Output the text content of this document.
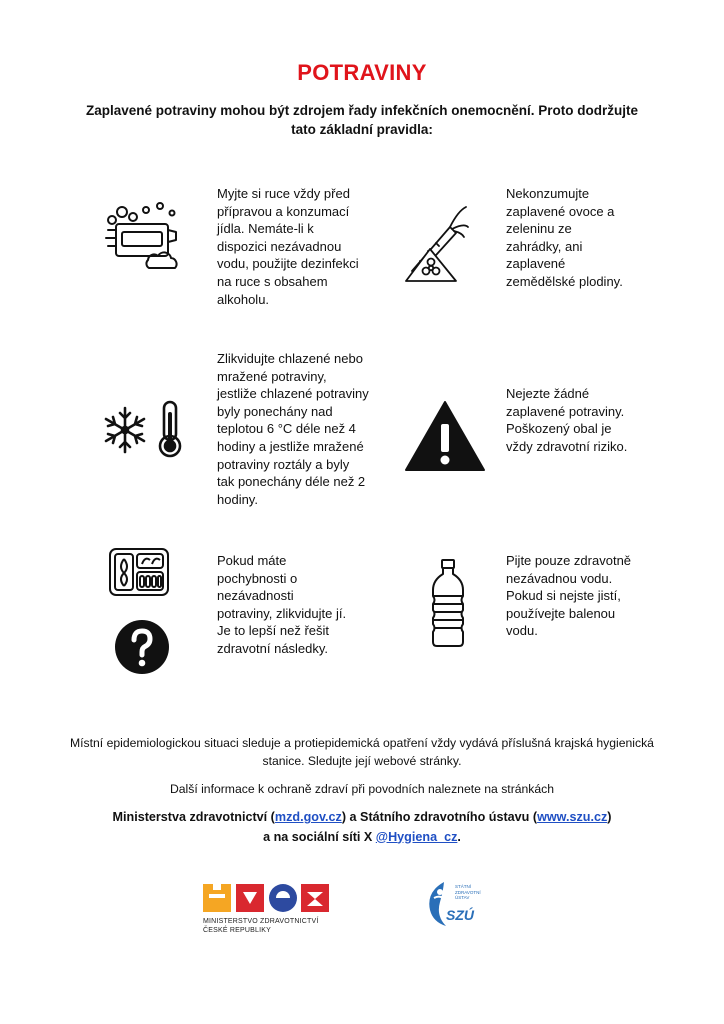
POTRAVINY
Zaplavené potraviny mohou být zdrojem řady infekčních onemocnění. Proto dodržujte tato základní pravidla:
Myjte si ruce vždy před přípravou a konzumací jídla. Nemáte-li k dispozici nezávadnou vodu, použijte dezinfekci na ruce s obsahem alkoholu.
Nekonzumujte zaplavené ovoce a zeleninu ze zahrádky, ani zaplavené zemědělské plodiny.
Zlikvidujte chlazené nebo mražené potraviny, jestliže chlazené potraviny byly ponechány nad teplotou 6 °C déle než 4 hodiny a jestliže mražené potraviny roztály a byly tak ponechány déle než 2 hodiny.
Nejezte žádné zaplavené potraviny. Poškozený obal je vždy zdravotní riziko.
Pokud máte pochybnosti o nezávadnosti potraviny, zlikvidujte jí. Je to lepší než řešit zdravotní následky.
Pijte pouze zdravotně nezávadnou vodu. Pokud si nejste jistí, používejte balenou vodu.
Místní epidemiologickou situaci sleduje a protiepidemická opatření vždy vydává příslušná krajská hygienická stanice. Sledujte její webové stránky.
Další informace k ochraně zdraví při povodních naleznete na stránkách
Ministerstva zdravotnictví (mzd.gov.cz) a Státního zdravotního ústavu (www.szu.cz)
a na sociální síti X @Hygiena_cz.
MINISTERSTVO ZDRAVOTNICTVÍ
ČESKÉ REPUBLIKY
SZÚ
STÁTNÍ ZDRAVOTNÍ ÚSTAV
